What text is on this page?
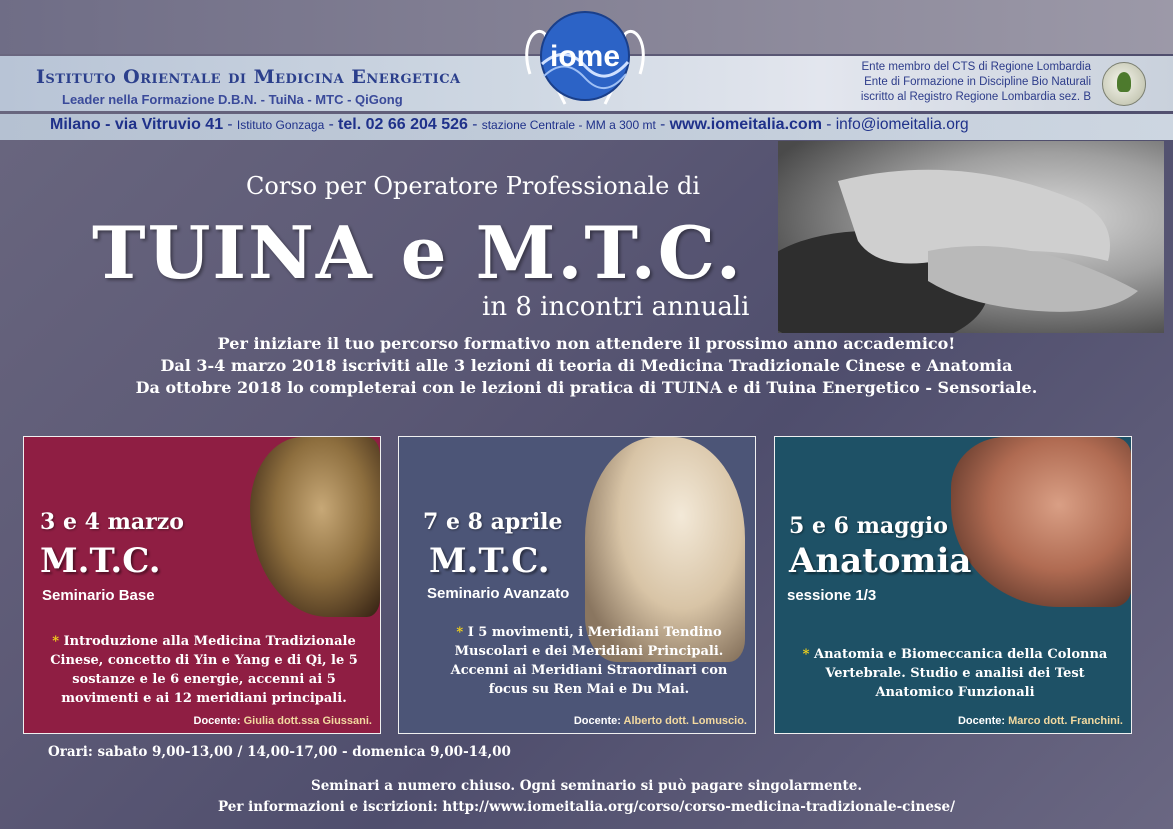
Istituto Orientale di Medicina Energetica
Leader nella Formazione D.B.N. - TuiNa - MTC - QiGong
iome	Ente membro del CTS di Regione Lombardia
Ente di Formazione in Discipline Bio Naturali
iscritto al Registro Regione Lombardia sez. B
Milano - via Vitruvio 41 - Istituto Gonzaga - tel. 02 66 204 526 - stazione Centrale - MM a 300 mt - www.iomeitalia.com - info@iomeitalia.org
Corso per Operatore Professionale di
TUINA e M.T.C.
in 8 incontri annuali
Per iniziare il tuo percorso formativo non attendere il prossimo anno accademico!
Dal 3-4 marzo 2018 iscriviti alle 3 lezioni di teoria di Medicina Tradizionale Cinese e Anatomia
Da ottobre 2018 lo completerai con le lezioni di pratica di TUINA e di Tuina Energetico - Sensoriale.
3 e 4 marzo
M.T.C.
Seminario Base
* Introduzione alla Medicina Tradizionale Cinese, concetto di Yin e Yang e di Qi, le 5 sostanze e le 6 energie, accenni ai 5 movimenti e ai 12 meridiani principali.
Docente: Giulia dott.ssa Giussani.
7 e 8 aprile
M.T.C.
Seminario Avanzato
* I 5 movimenti, i Meridiani Tendino Muscolari e dei Meridiani Principali. Accenni ai Meridiani Straordinari con focus su Ren Mai e Du Mai.
Docente: Alberto dott. Lomuscio.
5 e 6 maggio
Anatomia
sessione 1/3
* Anatomia e Biomeccanica della Colonna Vertebrale. Studio e analisi dei Test Anatomico Funzionali
Docente: Marco dott. Franchini.
Orari: sabato 9,00-13,00 / 14,00-17,00 - domenica 9,00-14,00
Seminari a numero chiuso. Ogni seminario si può pagare singolarmente.
Per informazioni e iscrizioni: http://www.iomeitalia.org/corso/corso-medicina-tradizionale-cinese/
